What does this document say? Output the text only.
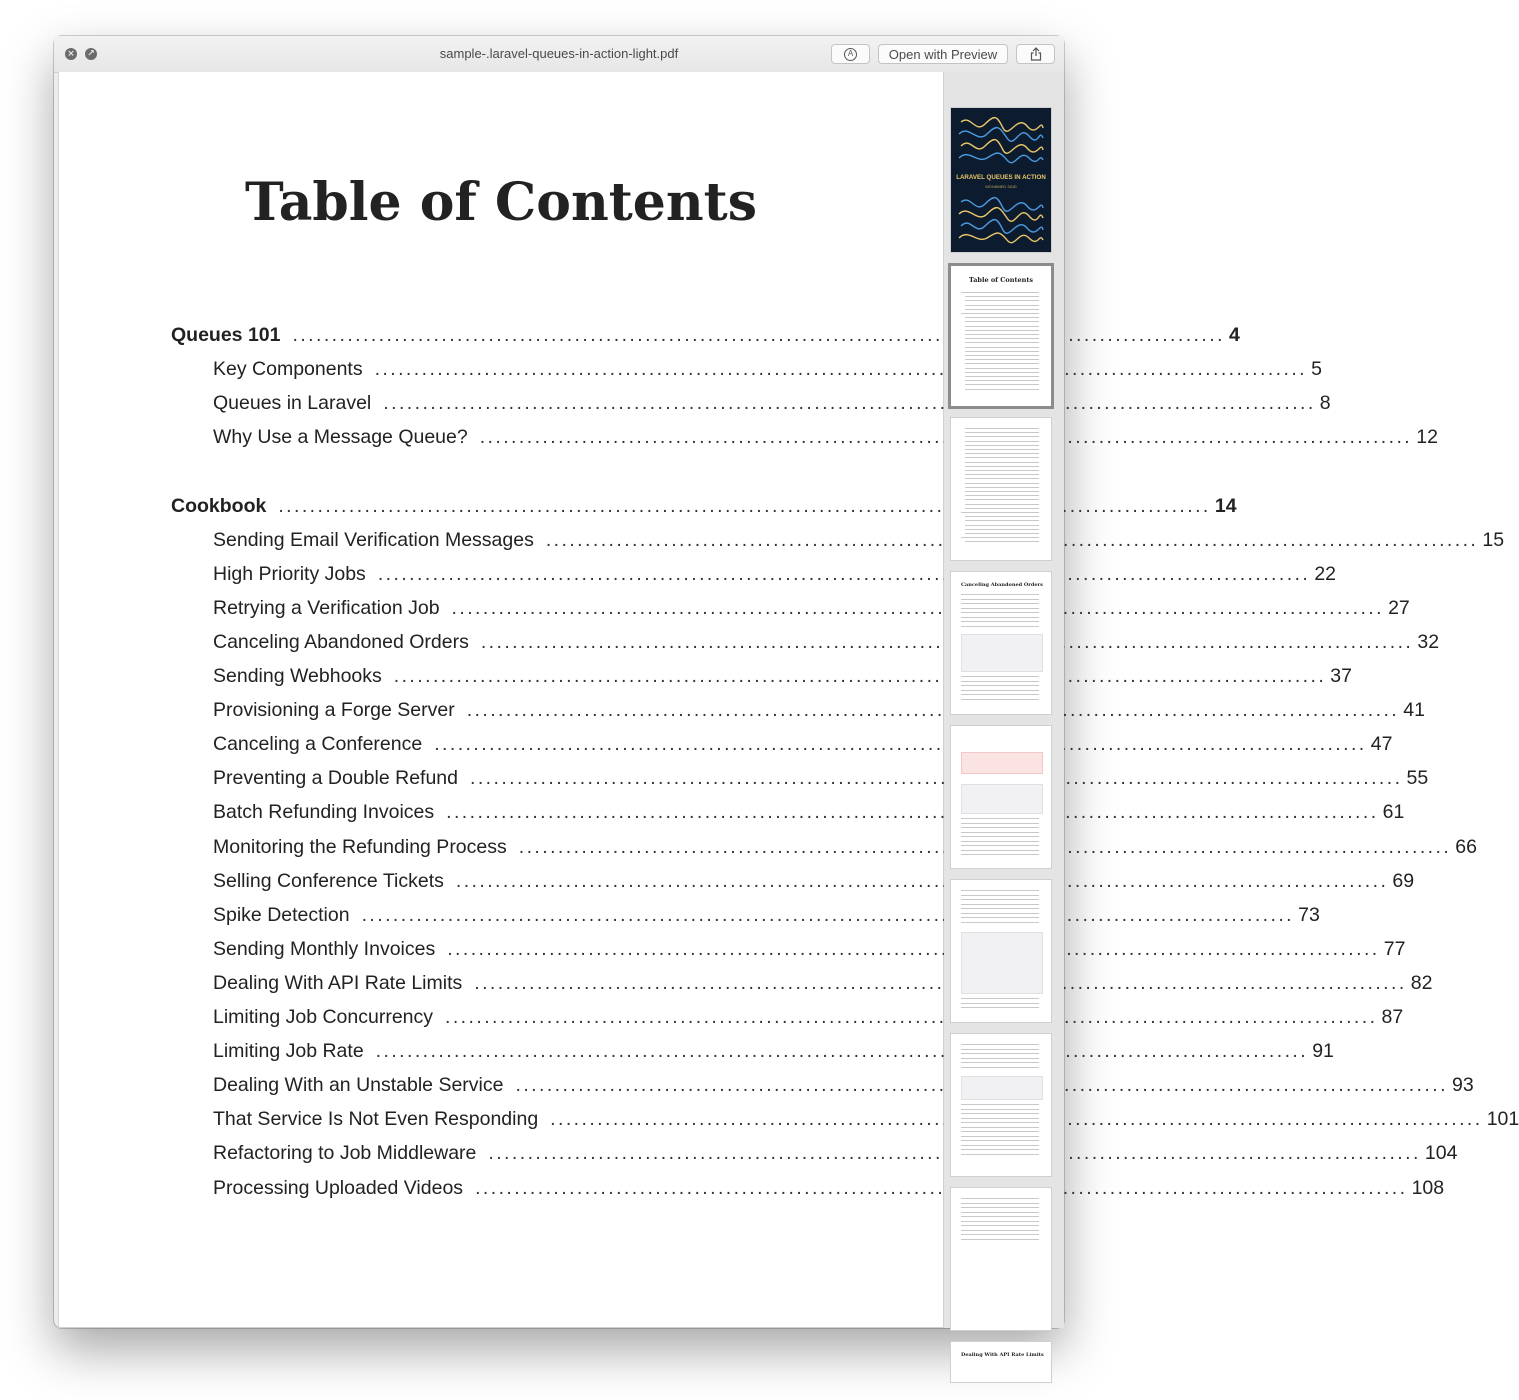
× ↗	sample-.laravel-queues-in-action-light.pdf	A	Open with Preview
Table of Contents
Queues 101 . . .	4
Key Components . . .	5
Queues in Laravel . . .	8
Why Use a Message Queue? . . .	12
Cookbook . . .	14
Sending Email Verification Messages . . .	15
High Priority Jobs . . .	22
Retrying a Verification Job . . .	27
Canceling Abandoned Orders . . .	32
Sending Webhooks . . .	37
Provisioning a Forge Server . . .	41
Canceling a Conference . . .	47
Preventing a Double Refund . . .	55
Batch Refunding Invoices . . .	61
Monitoring the Refunding Process . . .	66
Selling Conference Tickets . . .	69
Spike Detection . . .	73
Sending Monthly Invoices . . .	77
Dealing With API Rate Limits . . .	82
Limiting Job Concurrency . . .	87
Limiting Job Rate . . .	91
Dealing With an Unstable Service . . .	93
That Service Is Not Even Responding . . .	101
Refactoring to Job Middleware . . .	104
Processing Uploaded Videos . . .	108
LARAVEL QUEUES IN ACTION
MOHAMED SAID
Table of Contents
Canceling Abandoned Orders
Dealing With API Rate Limits
